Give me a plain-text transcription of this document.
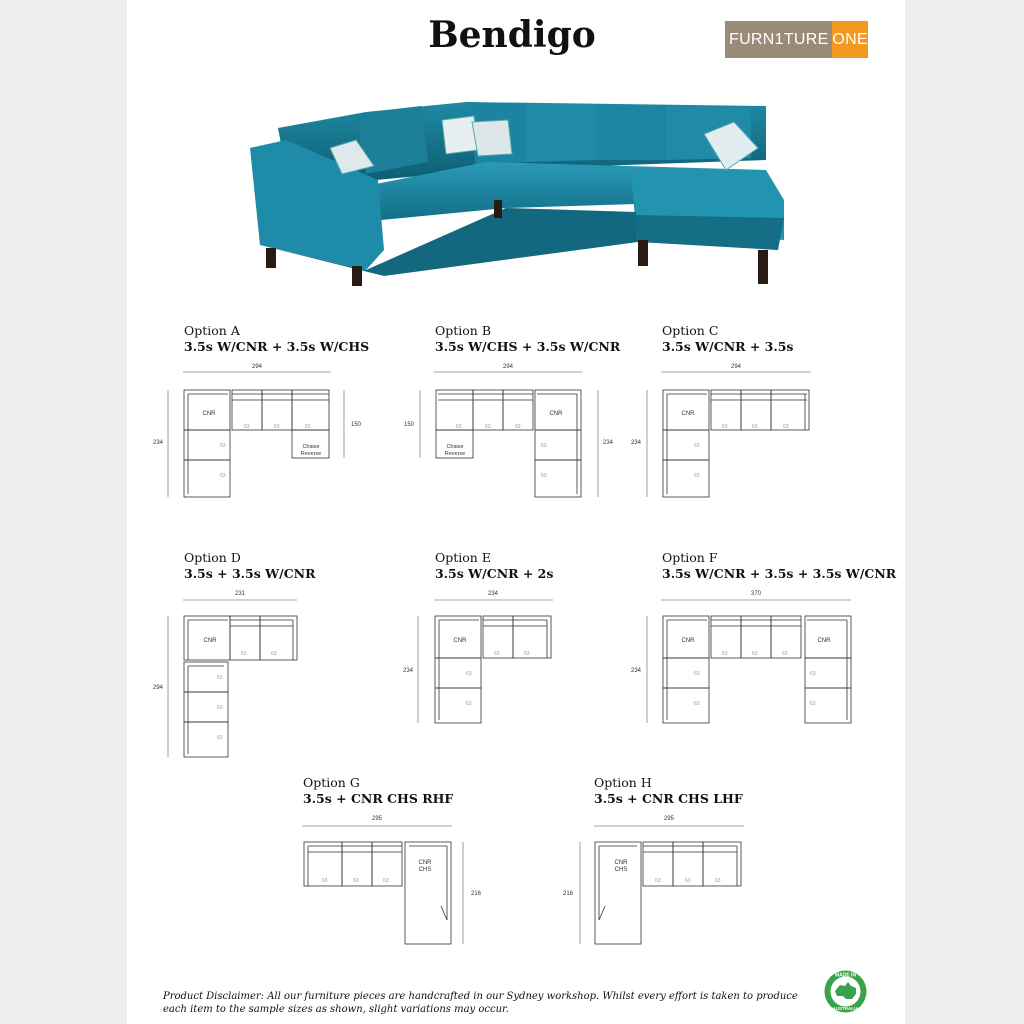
Bendigo	FURN1TURE ONE
Option A
3.5s W/CNR + 3.5s W/CHS
Option B
3.5s W/CHS + 3.5s W/CNR
Option C
3.5s W/CNR + 3.5s
Option D
3.5s + 3.5s W/CNR
Option E
3.5s W/CNR + 2s
Option F
3.5s W/CNR + 3.5s + 3.5s W/CNR
Option G
3.5s + CNR CHS RHF
Option H
3.5s + CNR CHS LHF
294
234
150
CNR
63
63
63	63	63
Chaise
Reverse
294
150
234
63	63	63
Chaise
Reverse
CNR
63
63
294
234
CNR
63
63
63	63	63
231
294
CNR
63	63
63
63
63
234
234
CNR
63
63
63	63
370
234
CNR
63
63
63	63	63
CNR
63
63
295
216
63	63	63
CNR
CHS
295
216
CNR
CHS
63	63	63
Product Disclaimer: All our furniture pieces are handcrafted in our Sydney workshop. Whilst every effort is taken to produce each item to the sample sizes as shown, slight variations may occur.
MADE IN
AUSTRALIA
